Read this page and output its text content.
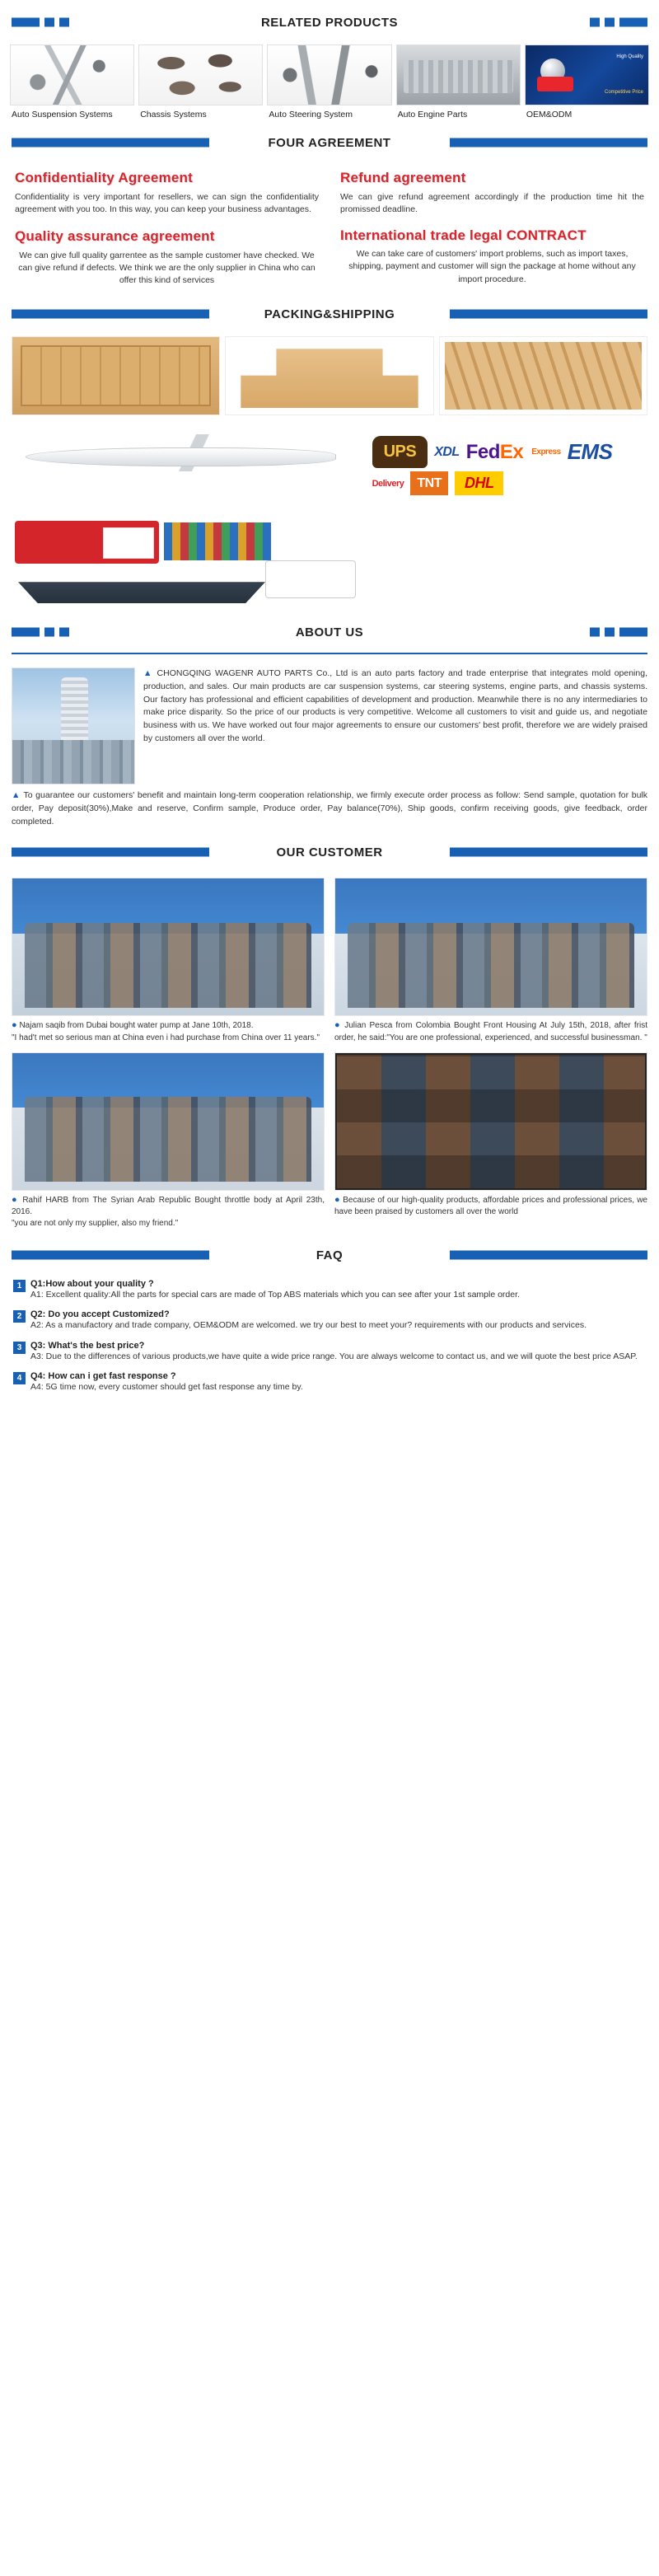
RELATED PRODUCTS
Auto Suspension Systems	Chassis Systems	Auto Steering System	Auto Engine Parts
High Quality
Competitive Price
OEM&ODM
FOUR AGREEMENT
Confidentiality Agreement

Confidentiality is very important for resellers, we can sign the confidentiality agreement with you too. In this way, you can keep your business advantages.

Refund agreement

We can give refund agreement accordingly if the production time hit the promissed deadline.

Quality assurance agreement

We can give full quality garrentee as the sample customer have checked. We can give refund if defects. We think we are the only supplier in China who can offer this kind of services

International trade legal CONTRACT

We can take care of customers' import problems, such as import taxes, shipping, payment and customer will sign the package at home without any import procedure.

PACKING&SHIPPING
UPS	XDL Fed Ex Express EMS
Delivery	TNT	DHL
ABOUT US
▲ CHONGQING WAGENR AUTO PARTS Co., Ltd is an auto parts factory and trade enterprise that integrates mold opening, production, and sales. Our main products are car suspension systems, car steering systems, engine parts, and chassis systems. Our factory has professional and efficient capabilities of development and production. Meanwhile there is no any intermediaries to make price disparity. So the price of our products is very competitive. Welcome all customers to visit and guide us, and negotiate business with us. We have worked out four major agreements to ensure our customers' best profit, therefore we are widely praised by customers all over the world.
▲ To guarantee our customers' benefit and maintain long-term cooperation relationship, we firmly execute order process as follow: Send sample, quotation for bulk order, Pay deposit(30%),Make and reserve, Confirm sample, Produce order, Pay balance(70%), Ship goods, confirm receiving goods, give feedback, order completed.
OUR CUSTOMER
● Najam saqib from Dubai bought water pump at Jane 10th, 2018.
"I had't met so serious man at China even i had purchase from China over 11 years."
● Julian Pesca from Colombia Bought Front Housing At July 15th, 2018, after frist order, he said:"You are one professional, experienced, and successful businessman. "
● Rahif HARB from The Syrian Arab Republic Bought throttle body at April 23th, 2016.
"you are not only my supplier, also my friend."
● Because of our high-quality products, affordable prices and professional prices, we have been praised by customers all over the world
FAQ
1 Q1:How about your quality ?
A1: Excellent quality:All the parts for special cars are made of Top ABS materials which you can see after your 1st sample order.
2 Q2: Do you accept Customized?
A2: As a manufactory and trade company, OEM&ODM are welcomed. we try our best to meet your? requirements with our products and services.
3 Q3: What's the best price?
A3: Due to the differences of various products,we have quite a wide price range. You are always welcome to contact us, and we will quote the best price ASAP.
4 Q4: How can i get fast response ?
A4: 5G time now, every customer should get fast response any time by.
